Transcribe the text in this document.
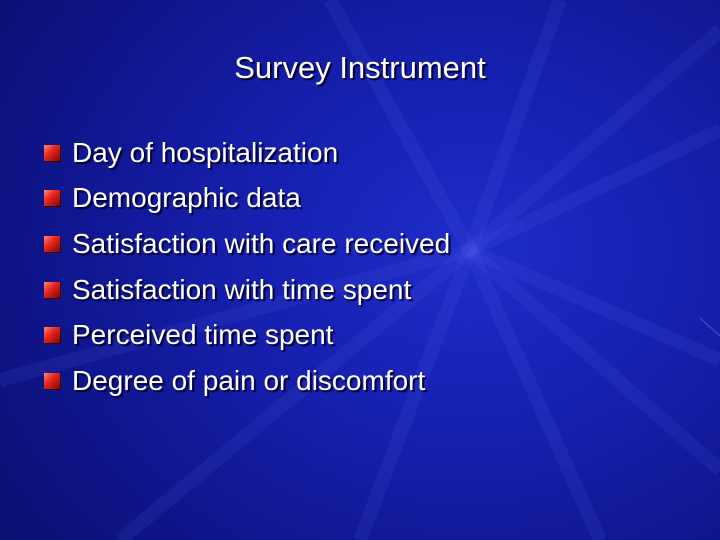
Survey Instrument
Day of hospitalization
Demographic data
Satisfaction with care received
Satisfaction with time spent
Perceived time spent
Degree of pain or discomfort
